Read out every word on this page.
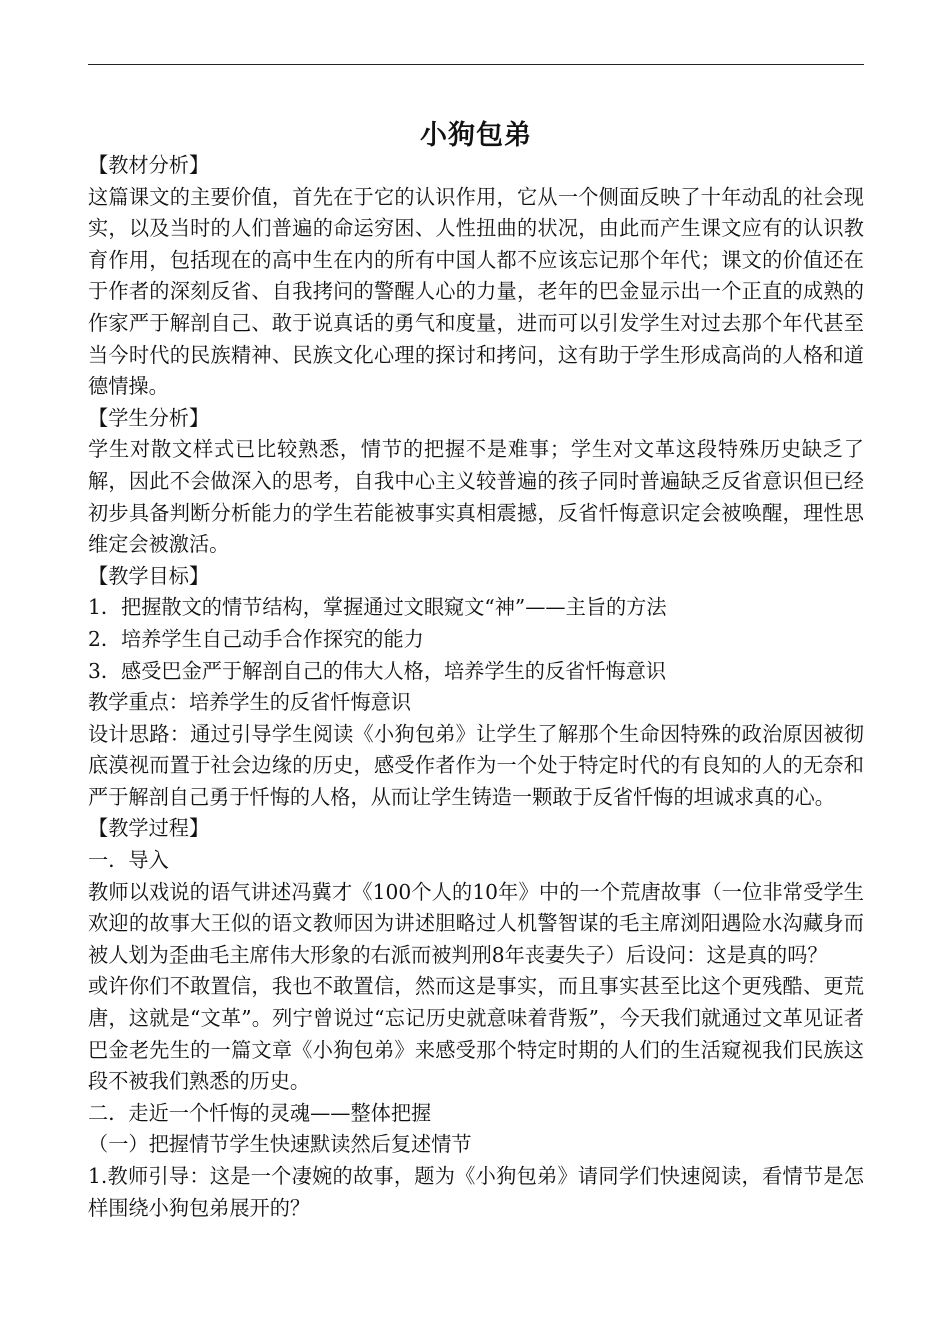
小狗包弟

【教材分析】

这篇课文的主要价值，首先在于它的认识作用，它从一个侧面反映了十年动乱的社会现实，以及当时的人们普遍的命运穷困、人性扭曲的状况，由此而产生课文应有的认识教育作用，包括现在的高中生在内的所有中国人都不应该忘记那个年代；课文的价值还在于作者的深刻反省、自我拷问的警醒人心的力量，老年的巴金显示出一个正直的成熟的作家严于解剖自己、敢于说真话的勇气和度量，进而可以引发学生对过去那个年代甚至当今时代的民族精神、民族文化心理的探讨和拷问，这有助于学生形成高尚的人格和道德情操。

【学生分析】

学生对散文样式已比较熟悉，情节的把握不是难事；学生对文革这段特殊历史缺乏了解，因此不会做深入的思考，自我中心主义较普遍的孩子同时普遍缺乏反省意识但已经初步具备判断分析能力的学生若能被事实真相震撼，反省忏悔意识定会被唤醒，理性思维定会被激活。

【教学目标】

1．把握散文的情节结构，掌握通过文眼窥文“神”——主旨的方法

2．培养学生自己动手合作探究的能力

3．感受巴金严于解剖自己的伟大人格，培养学生的反省忏悔意识

教学重点：培养学生的反省忏悔意识

设计思路：通过引导学生阅读《小狗包弟》让学生了解那个生命因特殊的政治原因被彻底漠视而置于社会边缘的历史，感受作者作为一个处于特定时代的有良知的人的无奈和严于解剖自己勇于忏悔的人格，从而让学生铸造一颗敢于反省忏悔的坦诚求真的心。

【教学过程】

一．导入

教师以戏说的语气讲述冯冀才《100个人的10年》中的一个荒唐故事（一位非常受学生欢迎的故事大王似的语文教师因为讲述胆略过人机警智谋的毛主席浏阳遇险水沟藏身而被人划为歪曲毛主席伟大形象的右派而被判刑8年丧妻失子）后设问：这是真的吗？

或许你们不敢置信，我也不敢置信，然而这是事实，而且事实甚至比这个更残酷、更荒唐，这就是“文革”。列宁曾说过“忘记历史就意味着背叛”，今天我们就通过文革见证者巴金老先生的一篇文章《小狗包弟》来感受那个特定时期的人们的生活窥视我们民族这段不被我们熟悉的历史。

二．走近一个忏悔的灵魂——整体把握

（一）把握情节学生快速默读然后复述情节

1.教师引导：这是一个凄婉的故事，题为《小狗包弟》请同学们快速阅读，看情节是怎样围绕小狗包弟展开的？
